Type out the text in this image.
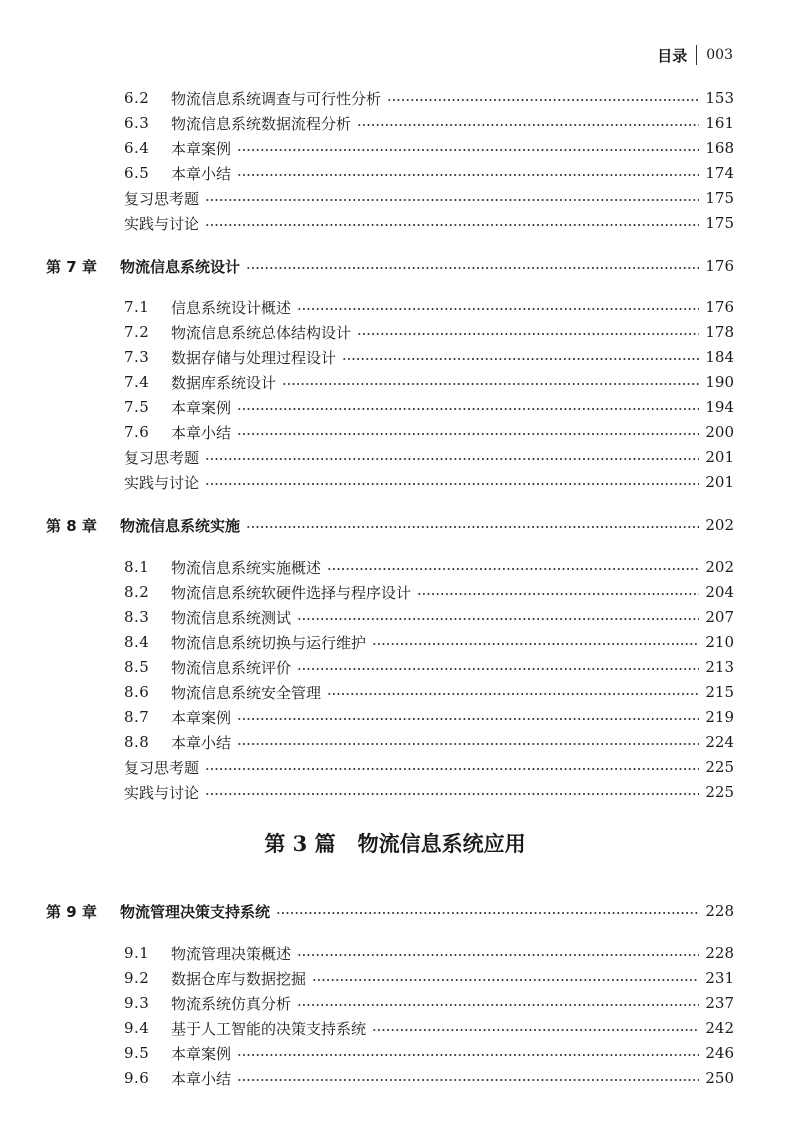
目录 003
6.2	物流信息系统调查与可行性分析	153
6.3	物流信息系统数据流程分析	161
6.4	本章案例	168
6.5	本章小结	174
复习思考题	175
实践与讨论	175
第 7 章	物流信息系统设计	176
7.1	信息系统设计概述	176
7.2	物流信息系统总体结构设计	178
7.3	数据存储与处理过程设计	184
7.4	数据库系统设计	190
7.5	本章案例	194
7.6	本章小结	200
复习思考题	201
实践与讨论	201
第 8 章	物流信息系统实施	202
8.1	物流信息系统实施概述	202
8.2	物流信息系统软硬件选择与程序设计	204
8.3	物流信息系统测试	207
8.4	物流信息系统切换与运行维护	210
8.5	物流信息系统评价	213
8.6	物流信息系统安全管理	215
8.7	本章案例	219
8.8	本章小结	224
复习思考题	225
实践与讨论	225
第 3 篇 物流信息系统应用
第 9 章	物流管理决策支持系统	228
9.1	物流管理决策概述	228
9.2	数据仓库与数据挖掘	231
9.3	物流系统仿真分析	237
9.4	基于人工智能的决策支持系统	242
9.5	本章案例	246
9.6	本章小结	250
